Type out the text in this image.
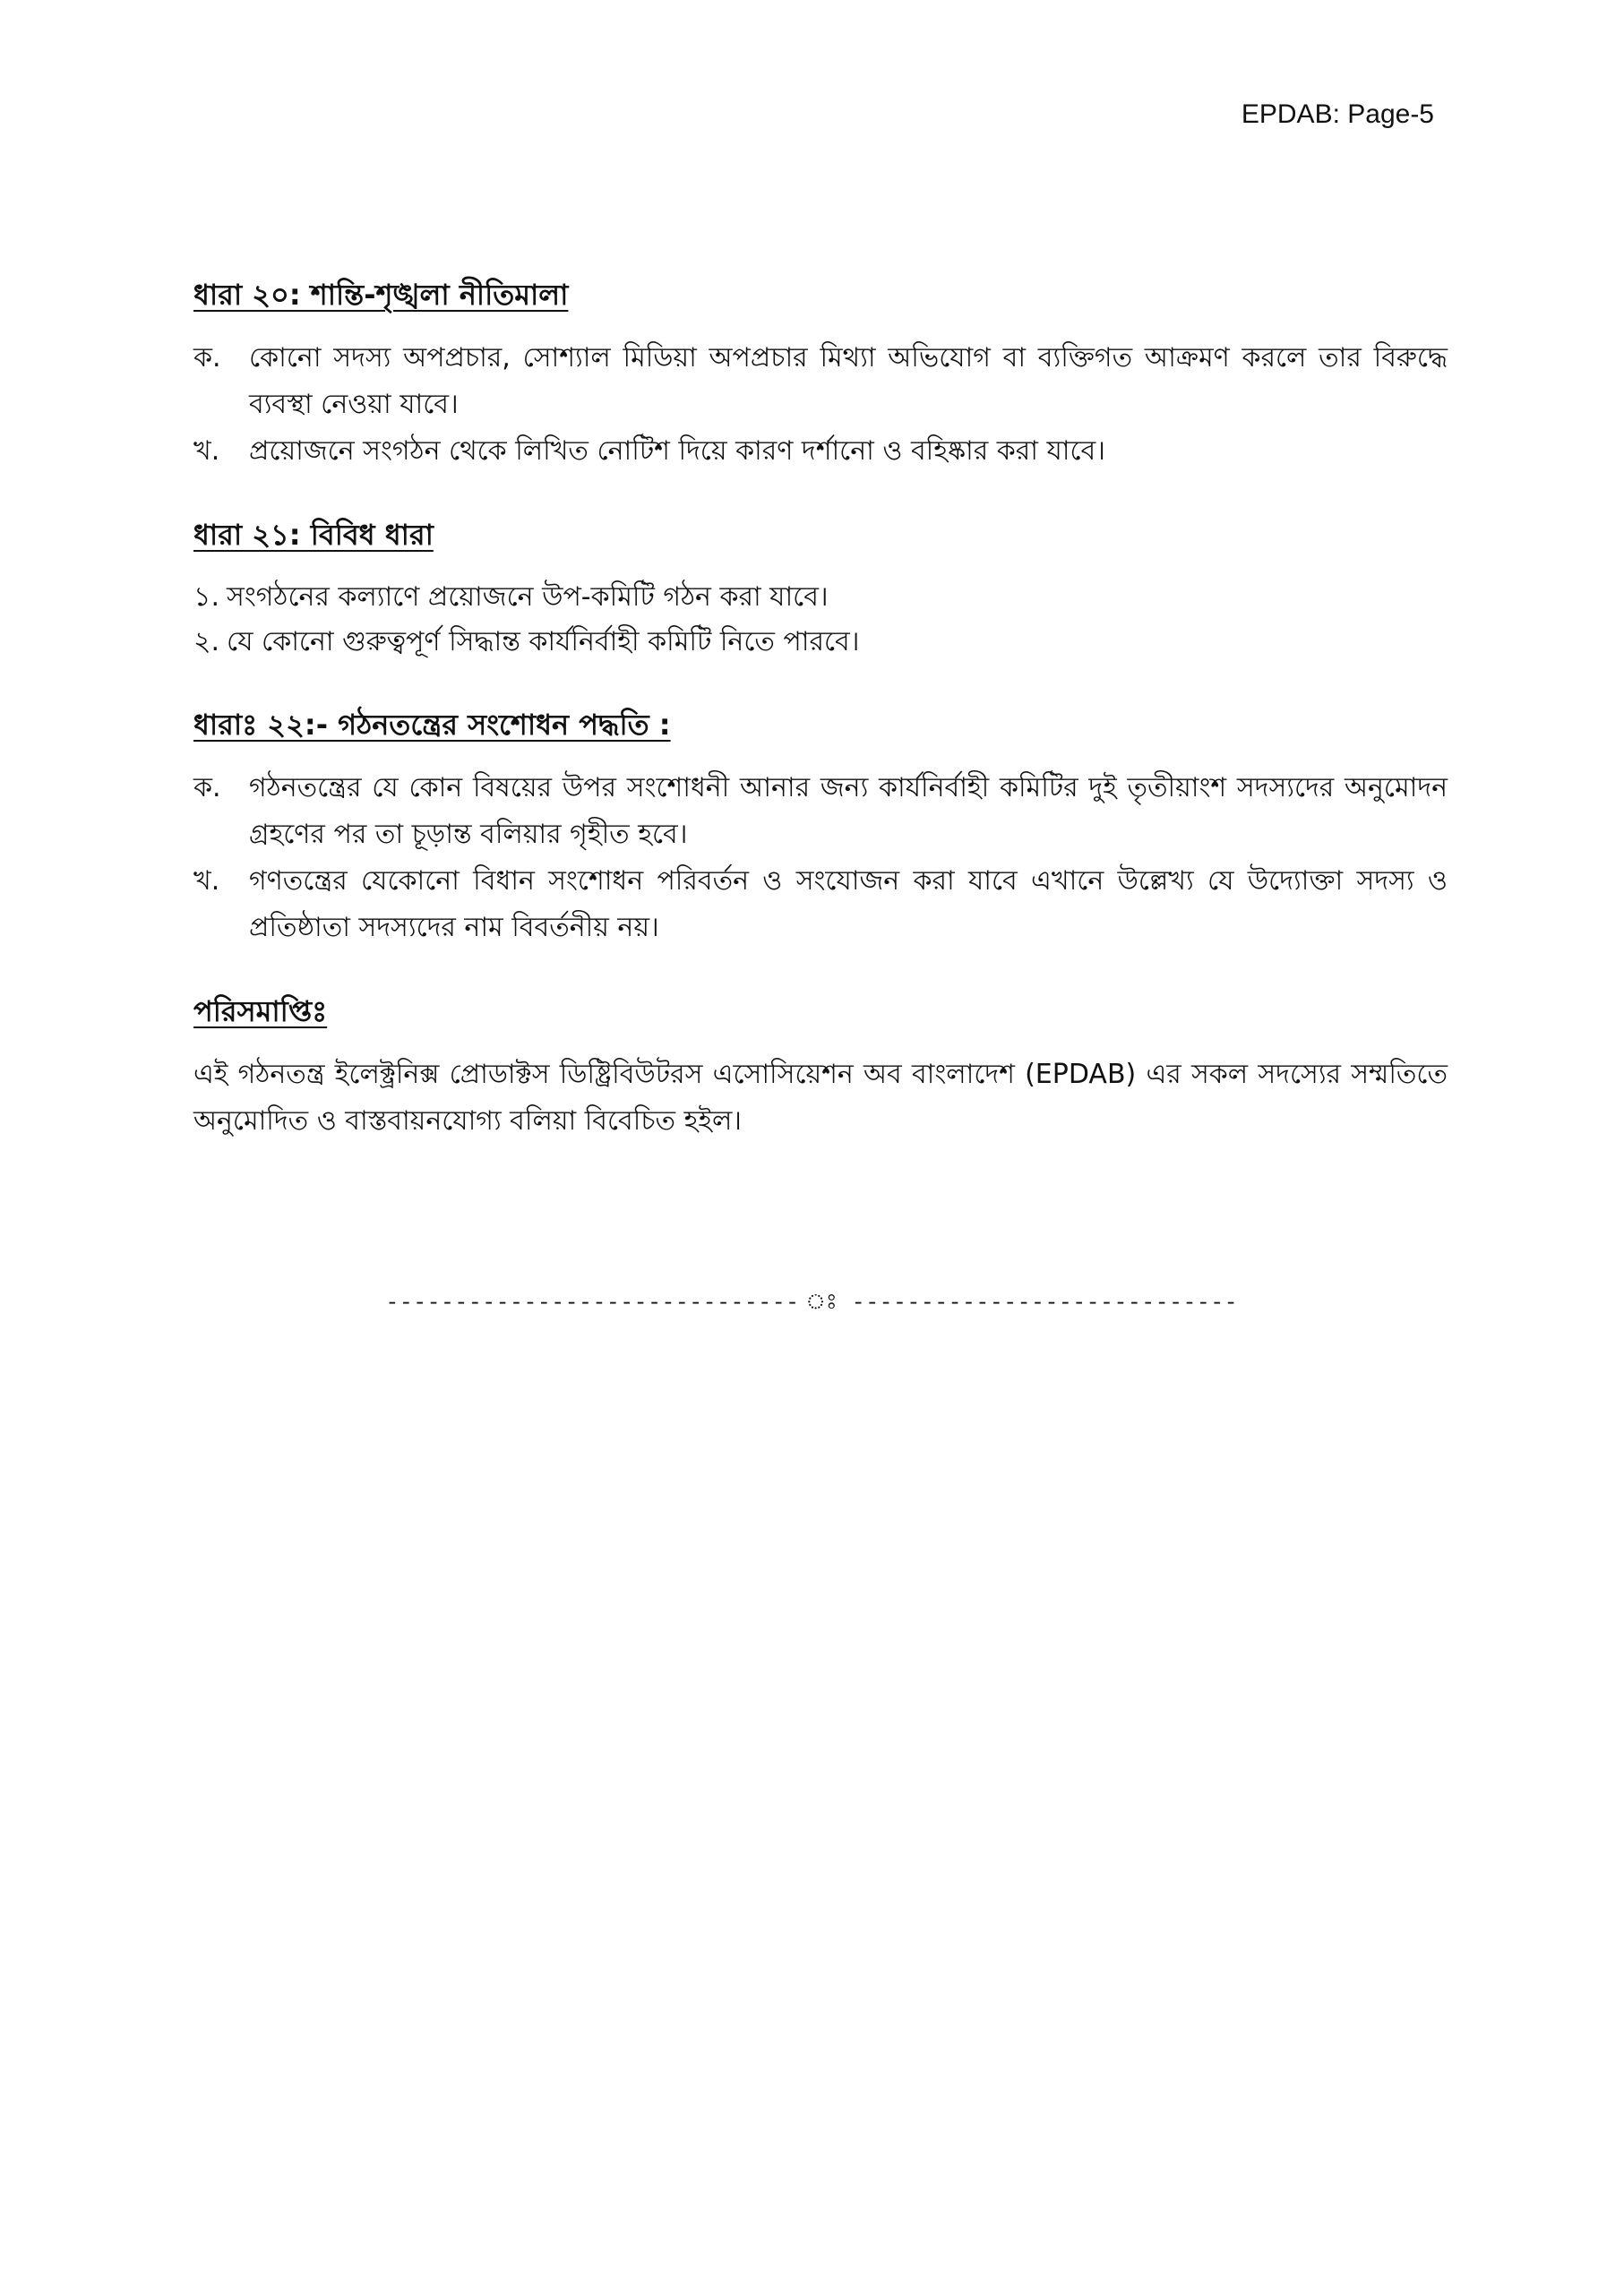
EPDAB: Page-5
ধারা ২০: শান্তি-শৃঙ্খলা নীতিমালা
ক.	কোনো সদস্য অপপ্রচার, সোশ্যাল মিডিয়া অপপ্রচার মিথ্যা অভিযোগ বা ব্যক্তিগত আক্রমণ করলে তার বিরুদ্ধে ব্যবস্থা নেওয়া যাবে।
খ.	প্রয়োজনে সংগঠন থেকে লিখিত নোটিশ দিয়ে কারণ দর্শানো ও বহিষ্কার করা যাবে।
ধারা ২১: বিবিধ ধারা
১. সংগঠনের কল্যাণে প্রয়োজনে উপ-কমিটি গঠন করা যাবে।
২. যে কোনো গুরুত্বপূর্ণ সিদ্ধান্ত কার্যনির্বাহী কমিটি নিতে পারবে।
ধারাঃ ২২:- গঠনতন্ত্রের সংশোধন পদ্ধতি :
ক.	গঠনতন্ত্রের যে কোন বিষয়ের উপর সংশোধনী আনার জন্য কার্যনির্বাহী কমিটির দুই তৃতীয়াংশ সদস্যদের অনুমোদন গ্রহণের পর তা চূড়ান্ত বলিয়ার গৃহীত হবে।
খ.	গণতন্ত্রের যেকোনো বিধান সংশোধন পরিবর্তন ও সংযোজন করা যাবে এখানে উল্লেখ্য যে উদ্যোক্তা সদস্য ও প্রতিষ্ঠাতা সদস্যদের নাম বিবর্তনীয় নয়।
পরিসমাপ্তিঃ

এই গঠনতন্ত্র ইলেক্ট্রনিক্স প্রোডাক্টস ডিষ্ট্রিবিউটরস এসোসিয়েশন অব বাংলাদেশ (EPDAB) এর সকল সদস্যের সম্মতিতে অনুমোদিত ও বাস্তবায়নযোগ্য বলিয়া বিবেচিত হইল।

------------------------------ ঃ ----------------------------
